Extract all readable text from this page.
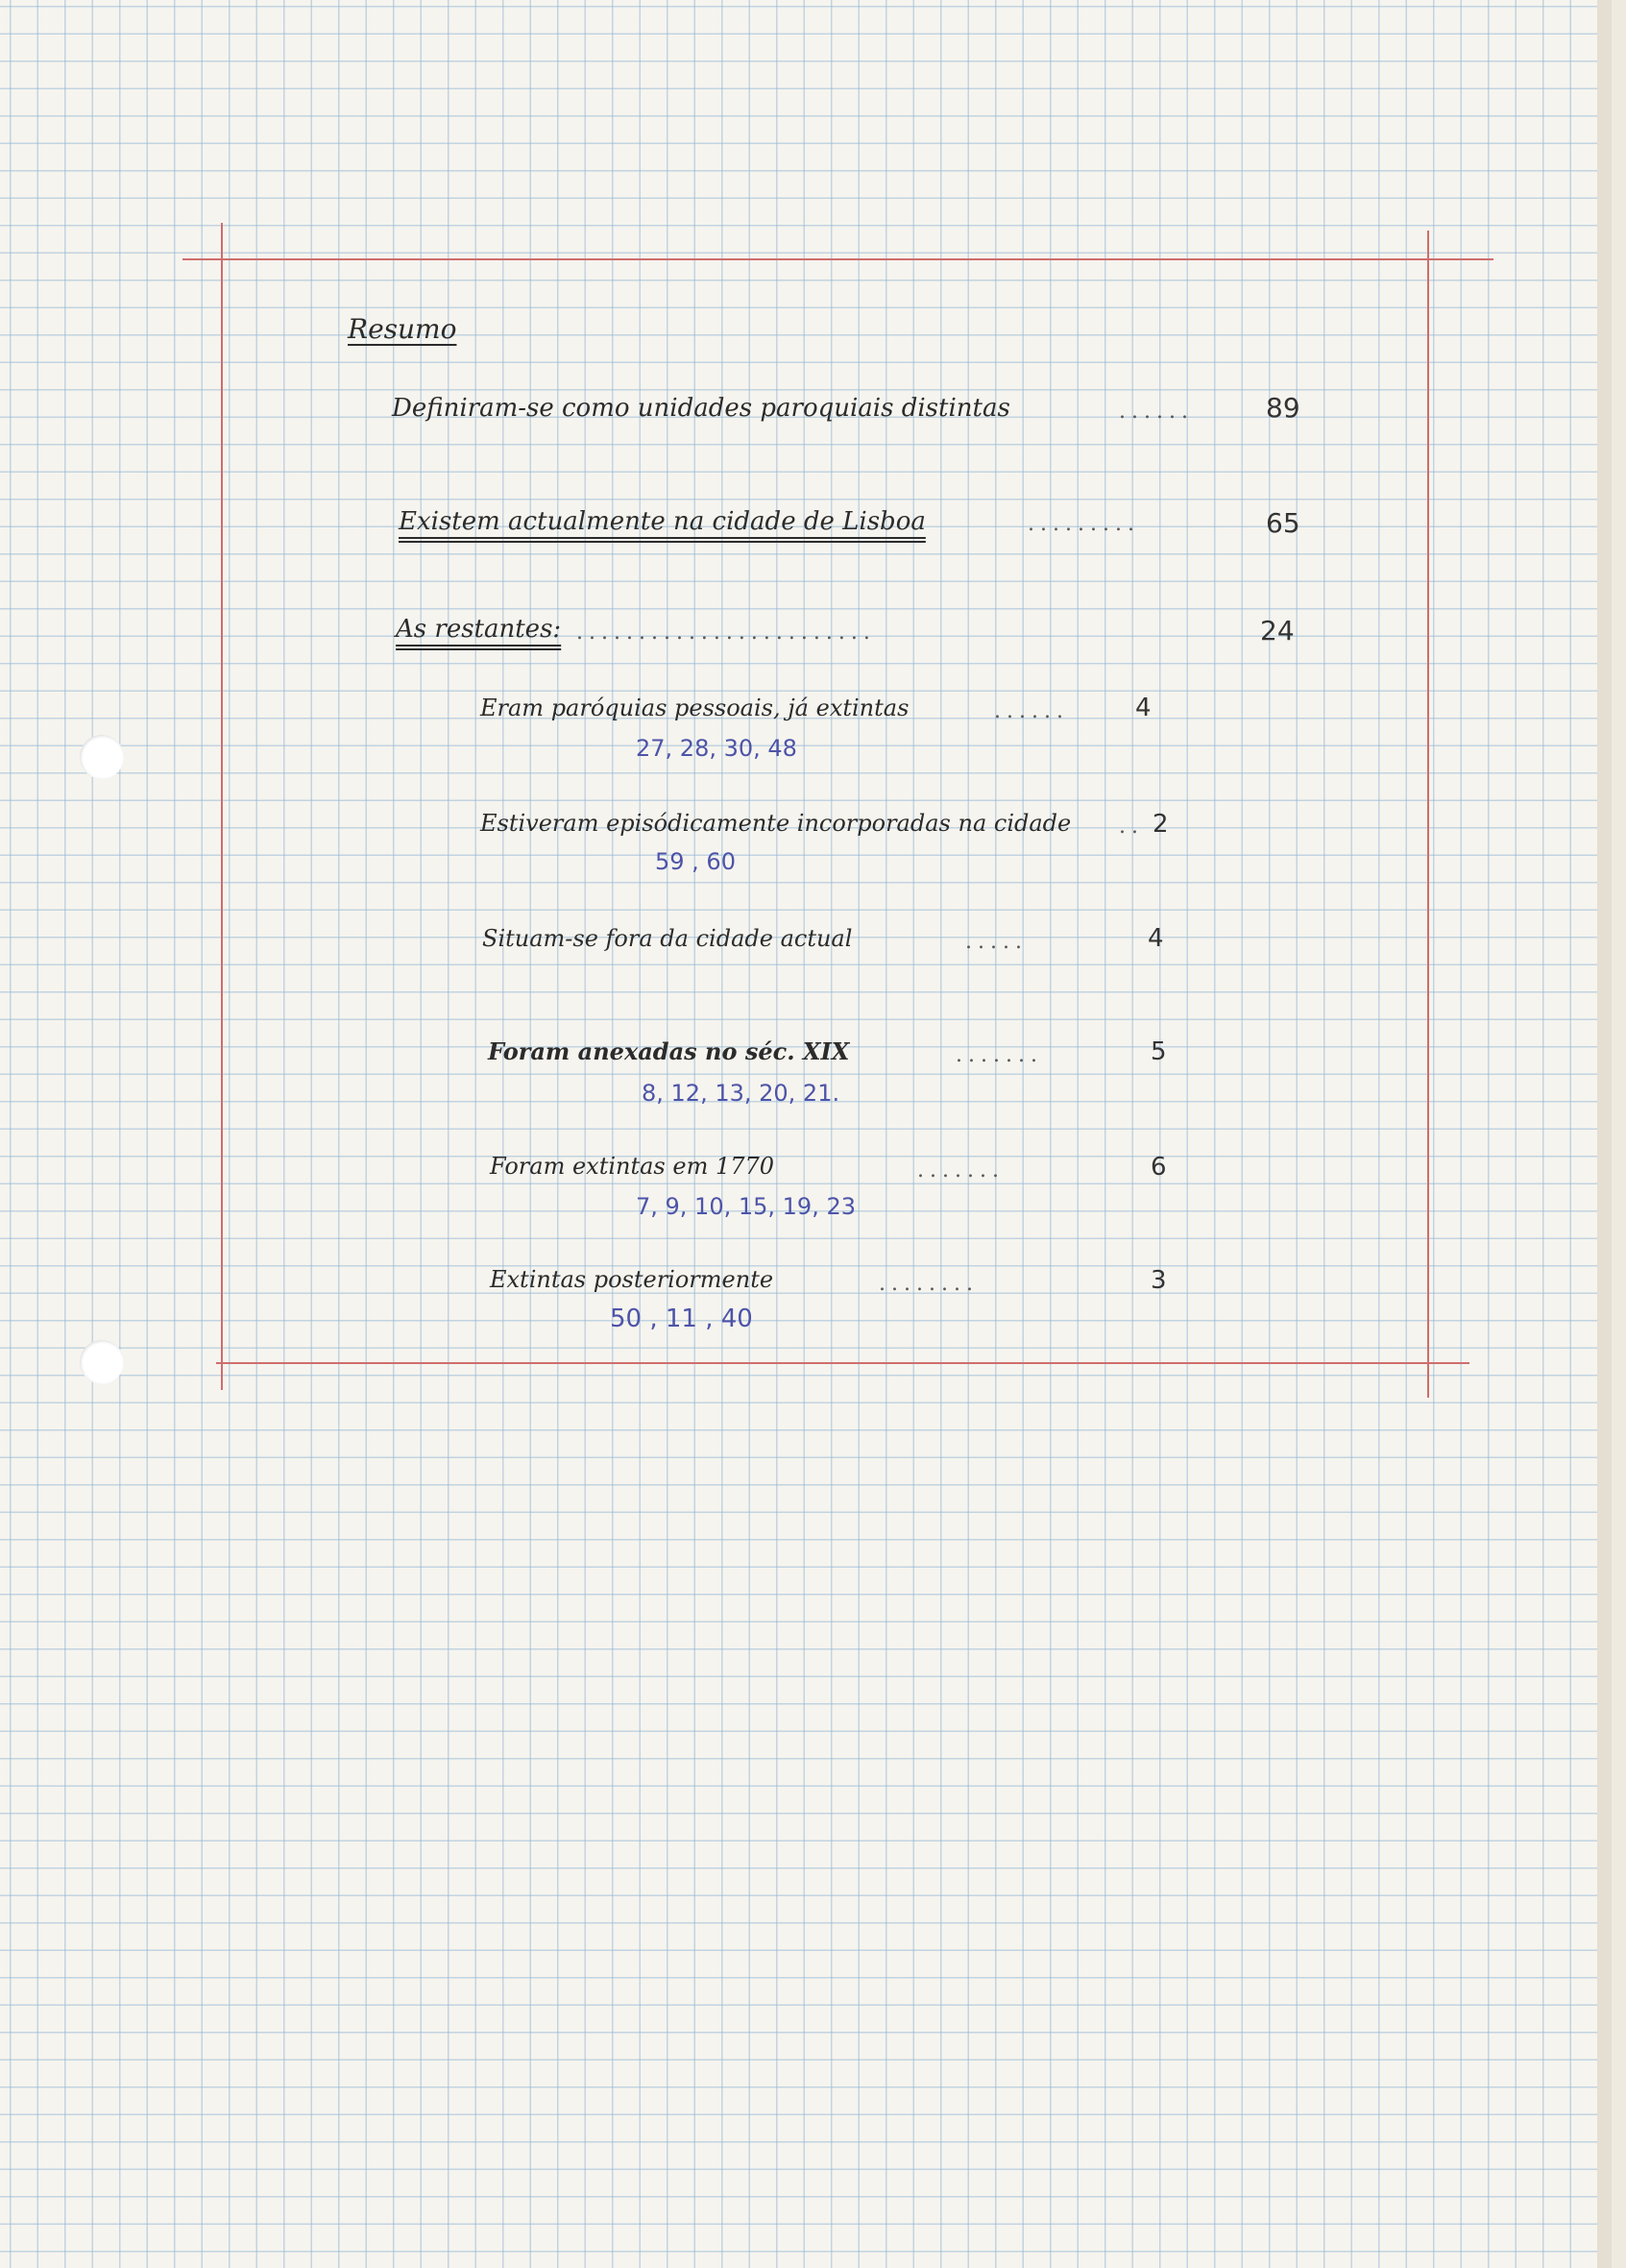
Resumo
Definiram-se como unidades paroquiais distintas	......	89
Existem actualmente na cidade de Lisboa	.........	65
As restantes: ........................	24
Eram paróquias pessoais, já extintas	......	4
27, 28, 30, 48
Estiveram episódicamente incorporadas na cidade .. 2
59 , 60
Situam-se fora da cidade actual	.....	4
Foram anexadas no séc. XIX	.......	5
8, 12, 13, 20, 21.
Foram extintas em 1770	.......	6
7, 9, 10, 15, 19, 23
Extintas posteriormente	........	3
50 , 11 , 40
